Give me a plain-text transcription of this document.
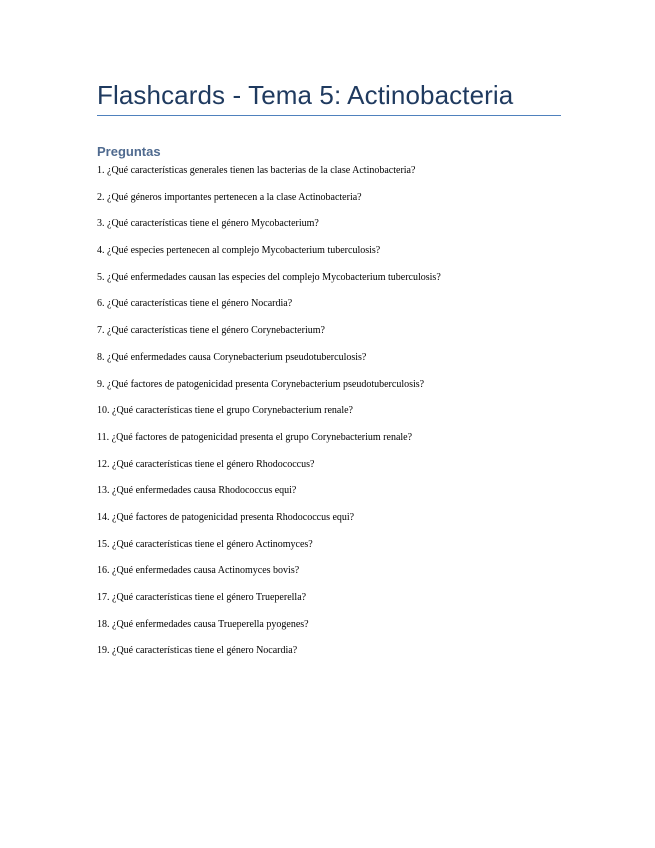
Flashcards - Tema 5: Actinobacteria
Preguntas
1. ¿Qué características generales tienen las bacterias de la clase Actinobacteria?
2. ¿Qué géneros importantes pertenecen a la clase Actinobacteria?
3. ¿Qué características tiene el género Mycobacterium?
4. ¿Qué especies pertenecen al complejo Mycobacterium tuberculosis?
5. ¿Qué enfermedades causan las especies del complejo Mycobacterium tuberculosis?
6. ¿Qué características tiene el género Nocardia?
7. ¿Qué características tiene el género Corynebacterium?
8. ¿Qué enfermedades causa Corynebacterium pseudotuberculosis?
9. ¿Qué factores de patogenicidad presenta Corynebacterium pseudotuberculosis?
10. ¿Qué características tiene el grupo Corynebacterium renale?
11. ¿Qué factores de patogenicidad presenta el grupo Corynebacterium renale?
12. ¿Qué características tiene el género Rhodococcus?
13. ¿Qué enfermedades causa Rhodococcus equi?
14. ¿Qué factores de patogenicidad presenta Rhodococcus equi?
15. ¿Qué características tiene el género Actinomyces?
16. ¿Qué enfermedades causa Actinomyces bovis?
17. ¿Qué características tiene el género Trueperella?
18. ¿Qué enfermedades causa Trueperella pyogenes?
19. ¿Qué características tiene el género Nocardia?
